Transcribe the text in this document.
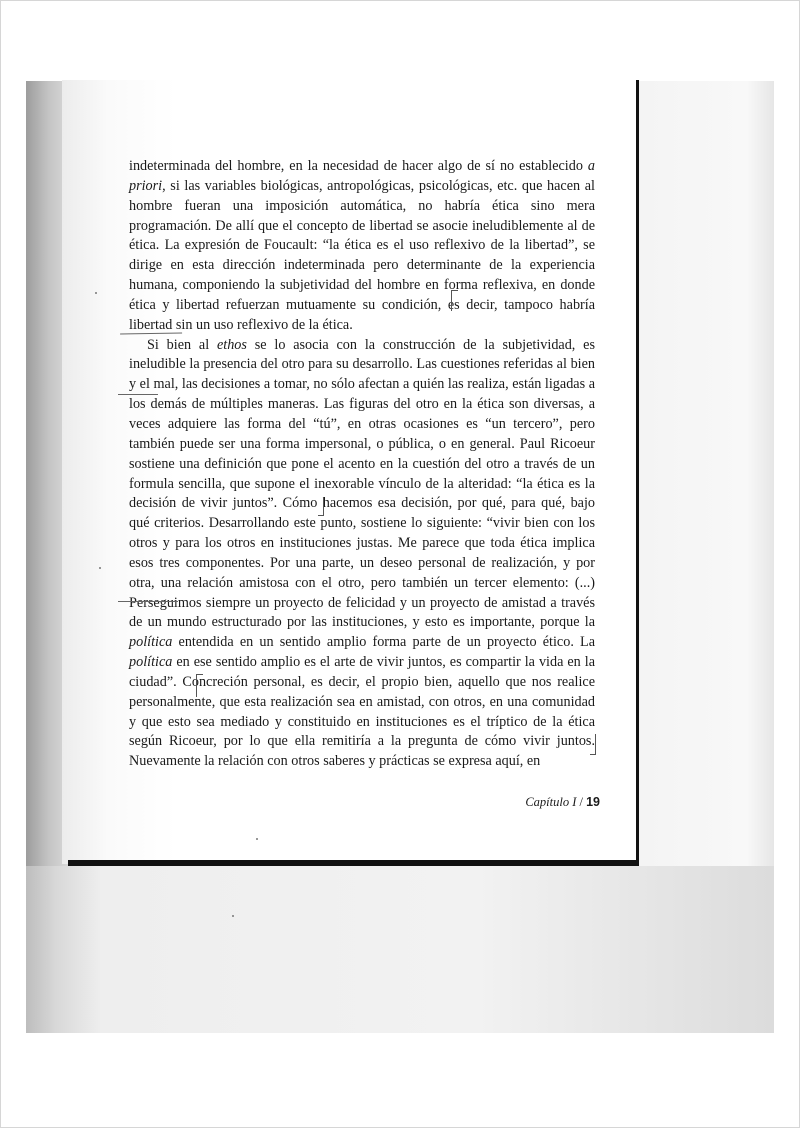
indeterminada del hombre, en la necesidad de hacer algo de sí no establecido a priori, si las variables biológicas, antropológicas, psicológicas, etc. que hacen al hombre fueran una imposición automática, no habría ética sino mera programación. De allí que el concepto de libertad se asocie ineludiblemente al de ética. La expresión de Foucault: “la ética es el uso reflexivo de la libertad”, se dirige en esta dirección indeterminada pero determinante de la experiencia humana, componiendo la subjetividad del hombre en forma reflexiva, en donde ética y libertad refuerzan mutuamente su condición, es decir, tampoco habría libertad sin un uso reflexivo de la ética.

Si bien al ethos se lo asocia con la construcción de la subjetividad, es ineludible la presencia del otro para su desarrollo. Las cuestiones referidas al bien y el mal, las decisiones a tomar, no sólo afectan a quién las realiza, están ligadas a los demás de múltiples maneras. Las figuras del otro en la ética son diversas, a veces adquiere las forma del “tú”, en otras ocasiones es “un tercero”, pero también puede ser una forma impersonal, o pública, o en general. Paul Ricoeur sostiene una definición que pone el acento en la cuestión del otro a través de un formula sencilla, que supone el inexorable vínculo de la alteridad: “la ética es la decisión de vivir juntos”. Cómo hacemos esa decisión, por qué, para qué, bajo qué criterios. Desarrollando este punto, sostiene lo siguiente: “vivir bien con los otros y para los otros en instituciones justas. Me parece que toda ética implica esos tres componentes. Por una parte, un deseo personal de realización, y por otra, una relación amistosa con el otro, pero también un tercer elemento: (...) Perseguimos siempre un proyecto de felicidad y un proyecto de amistad a través de un mundo estructurado por las instituciones, y esto es importante, porque la política entendida en un sentido amplio forma parte de un proyecto ético. La política en ese sentido amplio es el arte de vivir juntos, es compartir la vida en la ciudad”. Concreción personal, es decir, el propio bien, aquello que nos realice personalmente, que esta realización sea en amistad, con otros, en una comunidad y que esto sea mediado y constituido en instituciones es el tríptico de la ética según Ricoeur, por lo que ella remitiría a la pregunta de cómo vivir juntos. Nuevamente la relación con otros saberes y prácticas se expresa aquí, en

Capítulo I / 19
